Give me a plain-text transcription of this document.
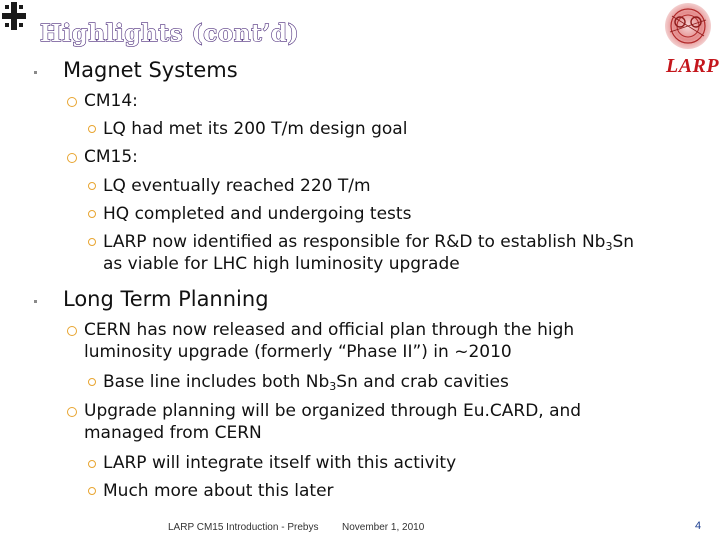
Highlights (cont’d)

LARP

Magnet Systems
CM14:
LQ had met its 200 T/m design goal
CM15:
LQ eventually reached 220 T/m
HQ completed and undergoing tests
LARP now identified as responsible for R&D to establish $Nb_3Sn$
as viable for LHC high luminosity upgrade
Long Term Planning
CERN has now released and official plan through the high
luminosity upgrade (formerly “Phase II”) in ~2010
Base line includes both $Nb_3Sn$ and crab cavities
Upgrade planning will be organized through Eu.CARD, and
managed from CERN
LARP will integrate itself with this activity
Much more about this later
LARP CM15 Introduction - Prebys November 1, 2010	4
